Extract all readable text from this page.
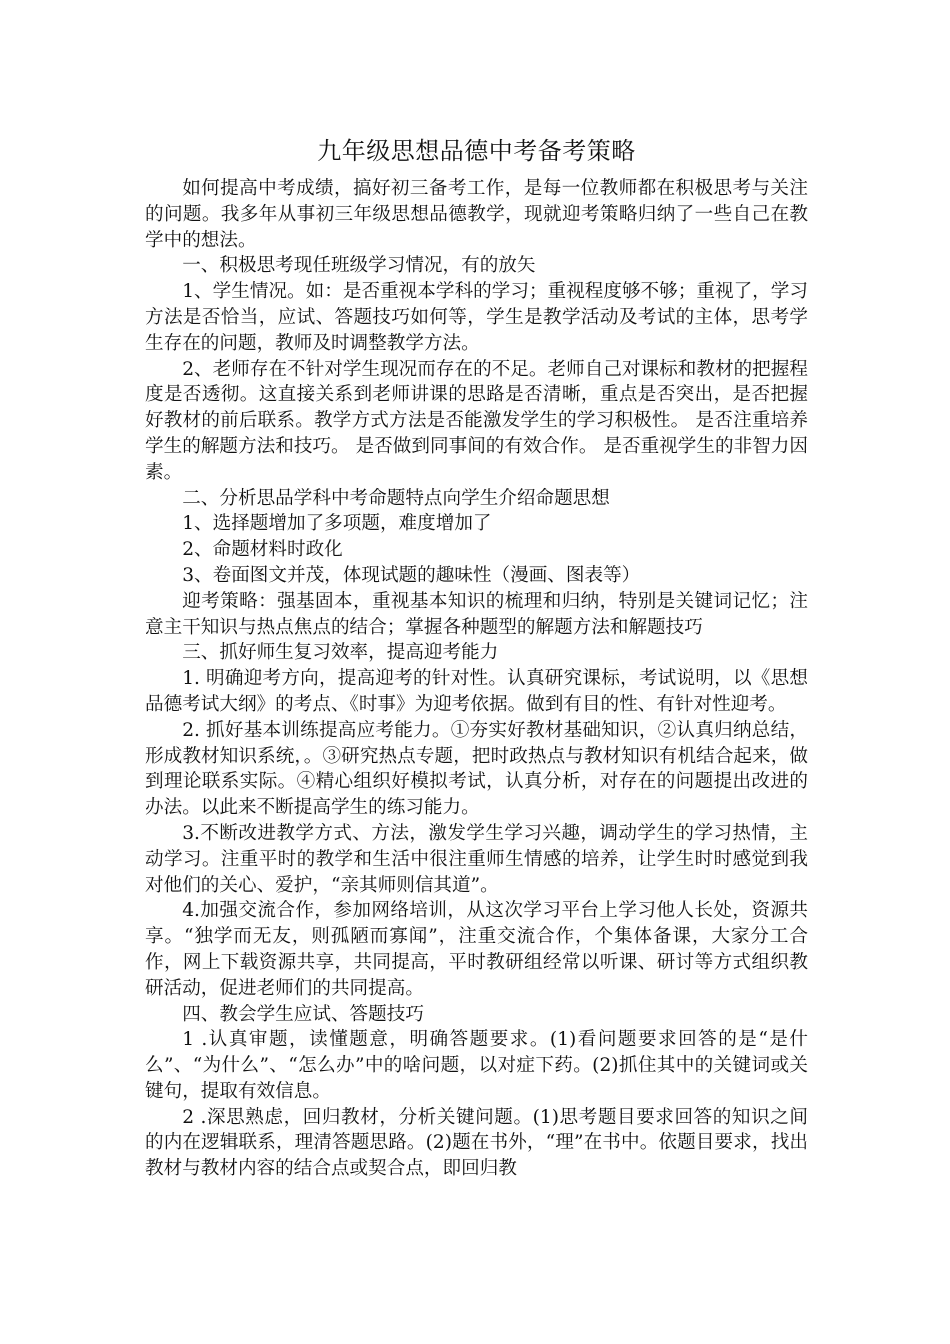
九年级思想品德中考备考策略

如何提高中考成绩，搞好初三备考工作，是每一位教师都在积极思考与关注的问题。我多年从事初三年级思想品德教学，现就迎考策略归纳了一些自己在教学中的想法。

一、积极思考现任班级学习情况，有的放矢

1、学生情况。如：是否重视本学科的学习；重视程度够不够；重视了，学习方法是否恰当，应试、答题技巧如何等，学生是教学活动及考试的主体，思考学生存在的问题，教师及时调整教学方法。

2、老师存在不针对学生现况而存在的不足。老师自己对课标和教材的把握程度是否透彻。这直接关系到老师讲课的思路是否清晰，重点是否突出，是否把握好教材的前后联系。教学方式方法是否能激发学生的学习积极性。 是否注重培养学生的解题方法和技巧。 是否做到同事间的有效合作。 是否重视学生的非智力因素。

二、分析思品学科中考命题特点向学生介绍命题思想

1、选择题增加了多项题，难度增加了

2、命题材料时政化

3、卷面图文并茂，体现试题的趣味性（漫画、图表等）

迎考策略：强基固本，重视基本知识的梳理和归纳，特别是关键词记忆；注意主干知识与热点焦点的结合；掌握各种题型的解题方法和解题技巧

三、抓好师生复习效率，提高迎考能力

1. 明确迎考方向，提高迎考的针对性。认真研究课标，考试说明，以《思想品德考试大纲》的考点、《时事》为迎考依据。做到有目的性、有针对性迎考。

2. 抓好基本训练提高应考能力。①夯实好教材基础知识，②认真归纳总结，形成教材知识系统，。③研究热点专题，把时政热点与教材知识有机结合起来，做到理论联系实际。④精心组织好模拟考试，认真分析，对存在的问题提出改进的办法。以此来不断提高学生的练习能力。

3.不断改进教学方式、方法，激发学生学习兴趣，调动学生的学习热情，主动学习。注重平时的教学和生活中很注重师生情感的培养，让学生时时感觉到我对他们的关心、爱护，“亲其师则信其道”。

4.加强交流合作，参加网络培训，从这次学习平台上学习他人长处，资源共享。“独学而无友，则孤陋而寡闻”，注重交流合作，个集体备课，大家分工合作，网上下载资源共享，共同提高，平时教研组经常以听课、研讨等方式组织教研活动，促进老师们的共同提高。

四、教会学生应试、答题技巧

1 .认真审题，读懂题意，明确答题要求。(1)看问题要求回答的是“是什么”、“为什么”、“怎么办”中的啥问题，以对症下药。(2)抓住其中的关键词或关键句，提取有效信息。

2 .深思熟虑，回归教材，分析关键问题。(1)思考题目要求回答的知识之间的内在逻辑联系，理清答题思路。(2)题在书外，“理”在书中。依题目要求，找出教材与教材内容的结合点或契合点，即回归教
